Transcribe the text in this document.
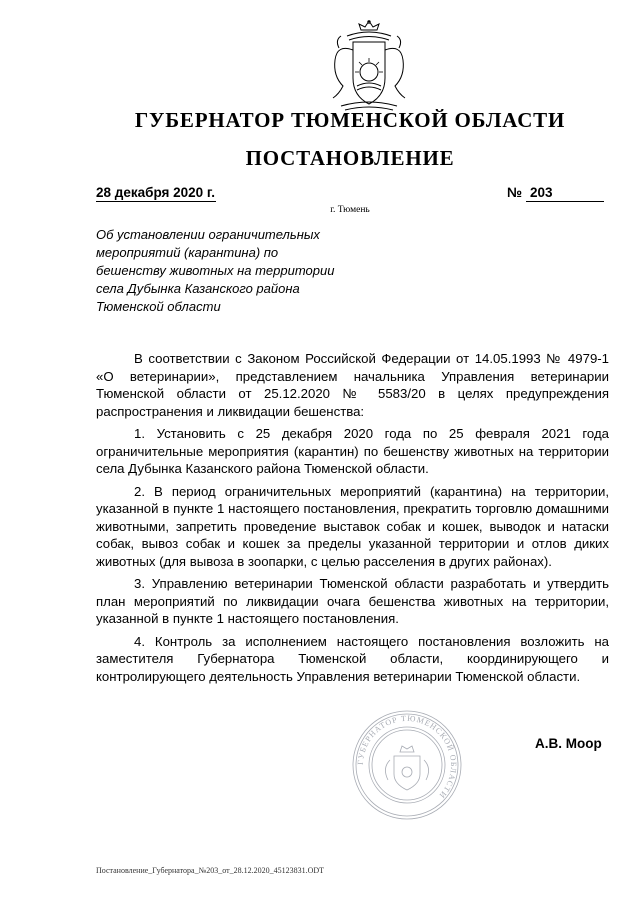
ГУБЕРНАТОР ТЮМЕНСКОЙ ОБЛАСТИ
ПОСТАНОВЛЕНИЕ
28 декабря 2020 г.	№ 203
г. Тюмень
Об установлении ограничительных
мероприятий (карантина) по
бешенству животных на территории
села Дубынка Казанского района
Тюменской области

В соответствии с Законом Российской Федерации от 14.05.1993 № 4979-1 «О ветеринарии», представлением начальника Управления ветеринарии Тюменской области от 25.12.2020 № 5583/20 в целях предупреждения распространения и ликвидации бешенства:

1. Установить с 25 декабря 2020 года по 25 февраля 2021 года ограничительные мероприятия (карантин) по бешенству животных на территории села Дубынка Казанского района Тюменской области.

2. В период ограничительных мероприятий (карантина) на территории, указанной в пункте 1 настоящего постановления, прекратить торговлю домашними животными, запретить проведение выставок собак и кошек, выводок и натаски собак, вывоз собак и кошек за пределы указанной территории и отлов диких животных (для вывоза в зоопарки, с целью расселения в других районах).

3. Управлению ветеринарии Тюменской области разработать и утвердить план мероприятий по ликвидации очага бешенства животных на территории, указанной в пункте 1 настоящего постановления.

4. Контроль за исполнением настоящего постановления возложить на заместителя Губернатора Тюменской области, координирующего и контролирующего деятельность Управления ветеринарии Тюменской области.

ГУБЕРНАТОР ТЮМЕНСКОЙ ОБЛАСТИ
А.В. Моор
Постановление_Губернатора_№203_от_28.12.2020_45123831.ODT
